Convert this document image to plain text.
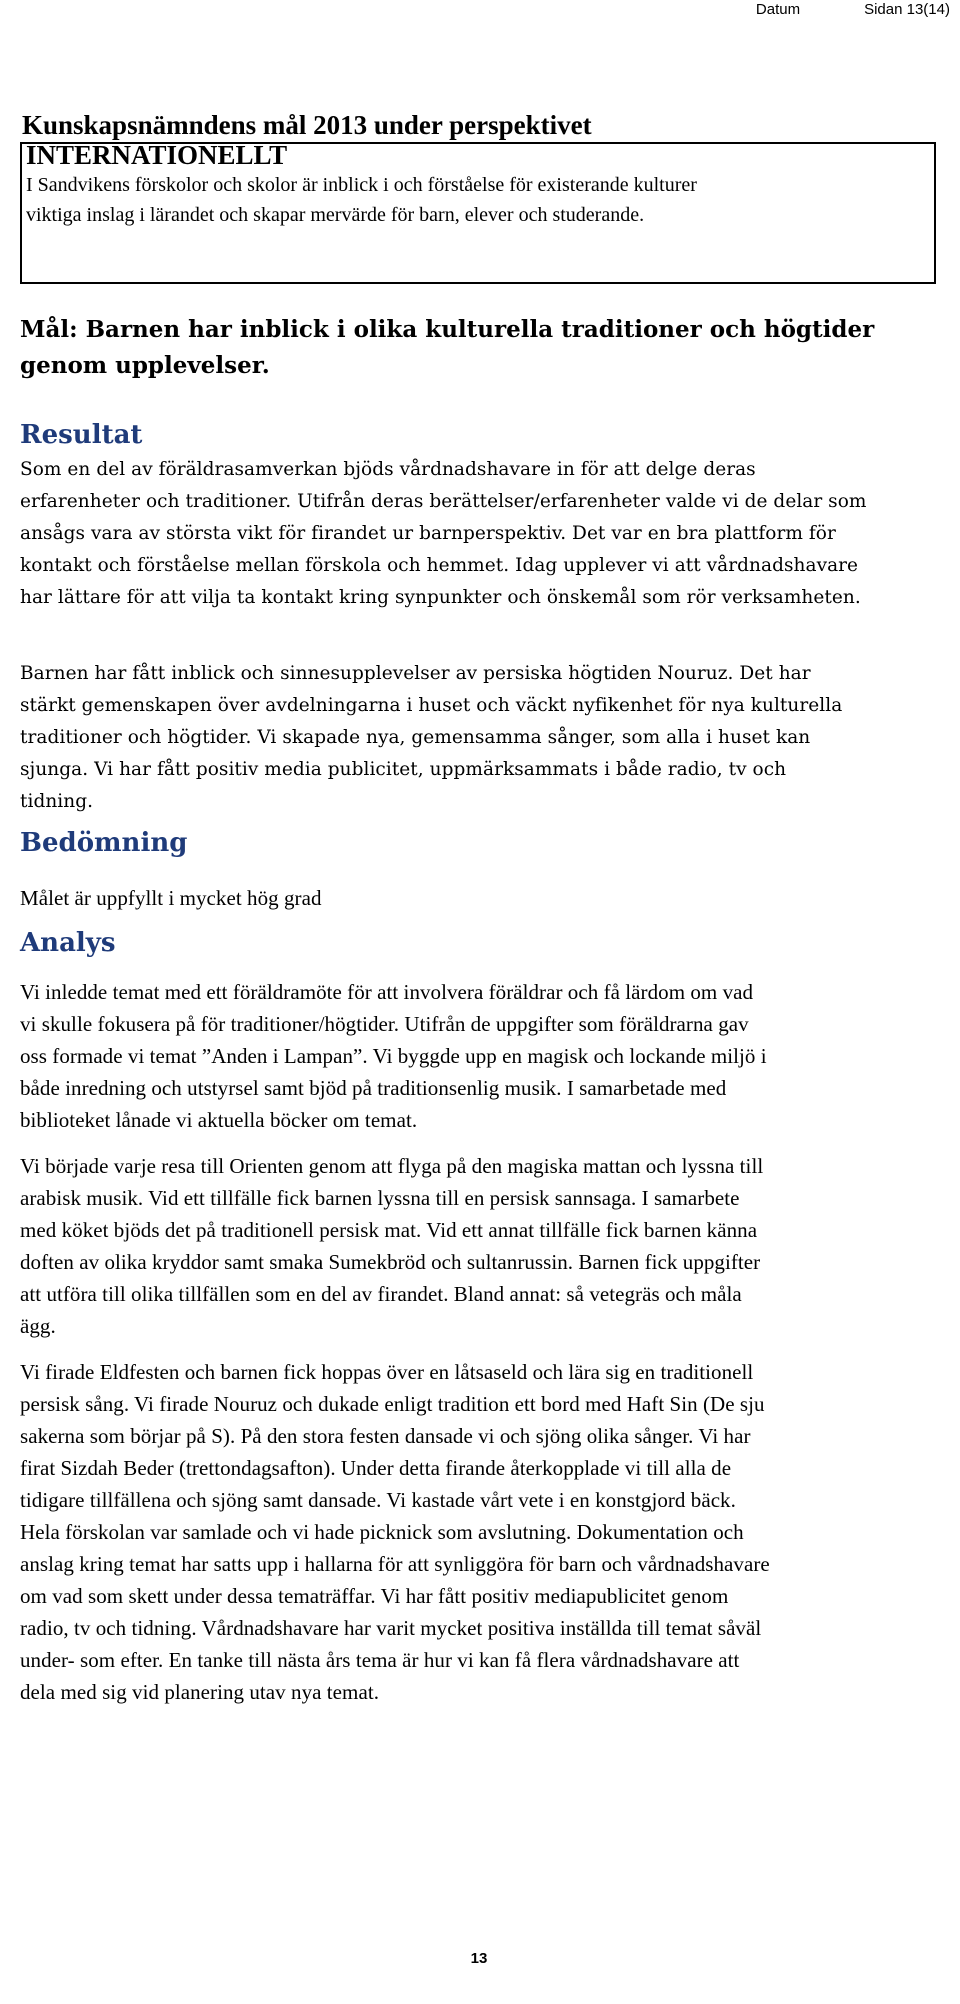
Datum	Sidan 13(14)

Kunskapsnämndens mål 2013 under perspektivet

INTERNATIONELLT

I Sandvikens förskolor och skolor är inblick i och förståelse för existerande kulturer

viktiga inslag i lärandet och skapar mervärde för barn, elever och studerande.

Mål: Barnen har inblick i olika kulturella traditioner och högtider
genom upplevelser.

Resultat

Som en del av föräldrasamverkan bjöds vårdnadshavare in för att delge deras
erfarenheter och traditioner. Utifrån deras berättelser/erfarenheter valde vi de delar som
ansågs vara av största vikt för firandet ur barnperspektiv. Det var en bra plattform för
kontakt och förståelse mellan förskola och hemmet. Idag upplever vi att vårdnadshavare
har lättare för att vilja ta kontakt kring synpunkter och önskemål som rör verksamheten.

Barnen har fått inblick och sinnesupplevelser av persiska högtiden Nouruz. Det har
stärkt gemenskapen över avdelningarna i huset och väckt nyfikenhet för nya kulturella
traditioner och högtider. Vi skapade nya, gemensamma sånger, som alla i huset kan
sjunga. Vi har fått positiv media publicitet, uppmärksammats i både radio, tv och
tidning.

Bedömning

Målet är uppfyllt i mycket hög grad

Analys

Vi inledde temat med ett föräldramöte för att involvera föräldrar och få lärdom om vad
vi skulle fokusera på för traditioner/högtider. Utifrån de uppgifter som föräldrarna gav
oss formade vi temat ”Anden i Lampan”. Vi byggde upp en magisk och lockande miljö i
både inredning och utstyrsel samt bjöd på traditionsenlig musik. I samarbetade med
biblioteket lånade vi aktuella böcker om temat.

Vi började varje resa till Orienten genom att flyga på den magiska mattan och lyssna till
arabisk musik. Vid ett tillfälle fick barnen lyssna till en persisk sannsaga. I samarbete
med köket bjöds det på traditionell persisk mat. Vid ett annat tillfälle fick barnen känna
doften av olika kryddor samt smaka Sumekbröd och sultanrussin. Barnen fick uppgifter
att utföra till olika tillfällen som en del av firandet. Bland annat: så vetegräs och måla
ägg.

Vi firade Eldfesten och barnen fick hoppas över en låtsaseld och lära sig en traditionell
persisk sång. Vi firade Nouruz och dukade enligt tradition ett bord med Haft Sin (De sju
sakerna som börjar på S). På den stora festen dansade vi och sjöng olika sånger. Vi har
firat Sizdah Beder (trettondagsafton). Under detta firande återkopplade vi till alla de
tidigare tillfällena och sjöng samt dansade. Vi kastade vårt vete i en konstgjord bäck.
Hela förskolan var samlade och vi hade picknick som avslutning. Dokumentation och
anslag kring temat har satts upp i hallarna för att synliggöra för barn och vårdnadshavare
om vad som skett under dessa tematräffar. Vi har fått positiv mediapublicitet genom
radio, tv och tidning. Vårdnadshavare har varit mycket positiva inställda till temat såväl
under- som efter. En tanke till nästa års tema är hur vi kan få flera vårdnadshavare att
dela med sig vid planering utav nya temat.

13
